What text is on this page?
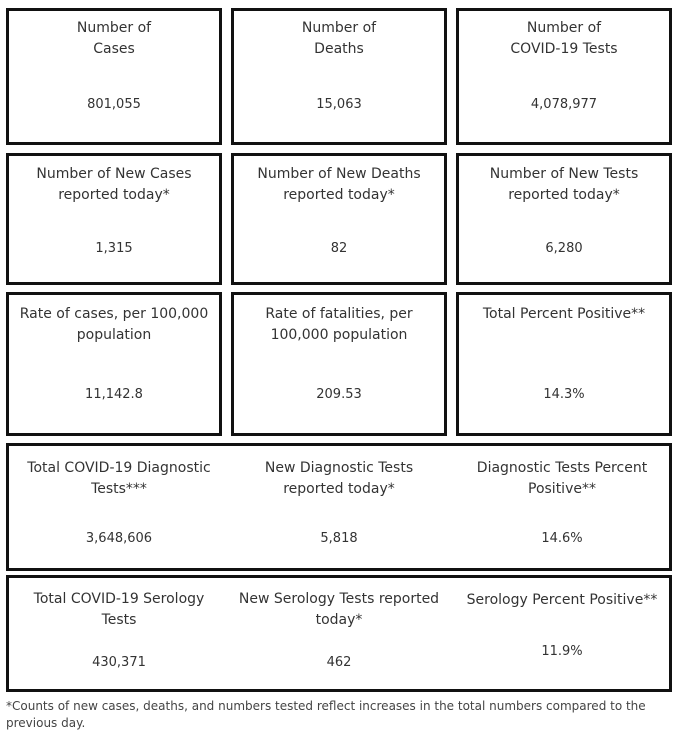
Number of
Cases
801,055
Number of
Deaths
15,063
Number of
COVID-19 Tests
4,078,977
Number of New Cases
reported today*
1,315
Number of New Deaths
reported today*
82
Number of New Tests
reported today*
6,280
Rate of cases, per 100,000
population
11,142.8
Rate of fatalities, per
100,000 population
209.53
Total Percent Positive**
14.3%
Total COVID-19 Diagnostic
Tests***
3,648,606
New Diagnostic Tests
reported today*
5,818
Diagnostic Tests Percent
Positive**
14.6%
Total COVID-19 Serology
Tests
430,371
New Serology Tests reported
today*
462
Serology Percent Positive**
11.9%
*Counts of new cases, deaths, and numbers tested reflect increases in the total numbers compared to the previous day.
